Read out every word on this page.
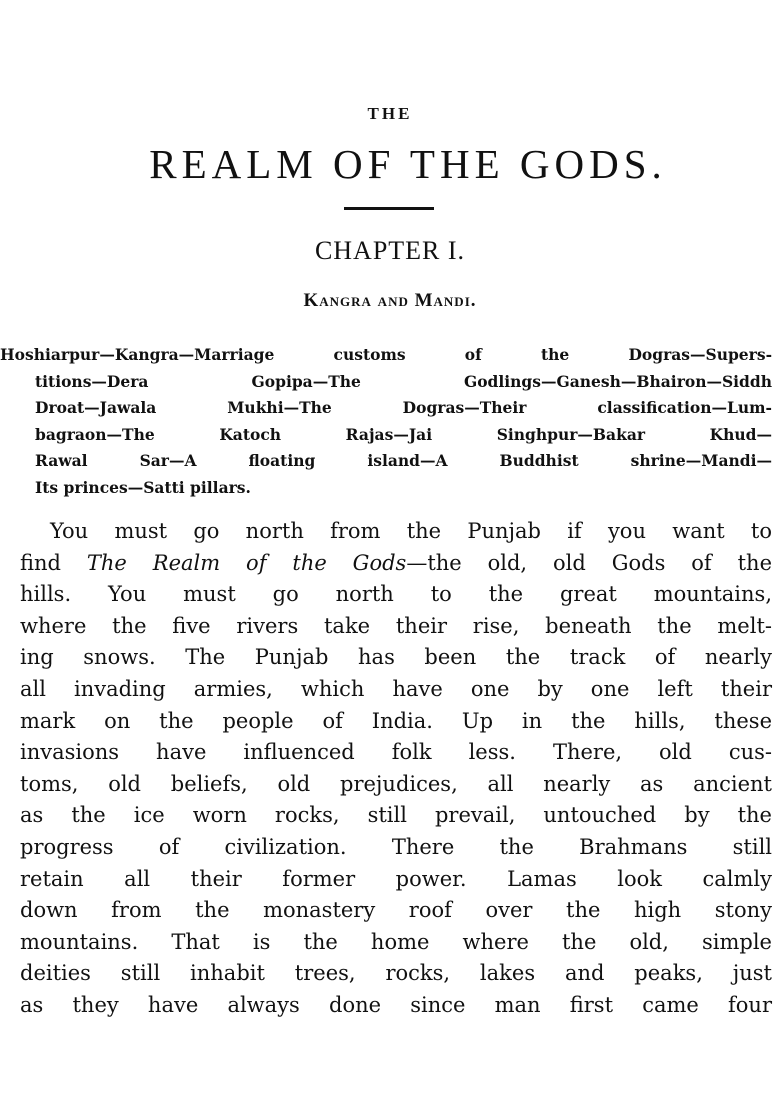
THE
REALM OF THE GODS.
CHAPTER I.
Kangra and Mandi.
Hoshiarpur—Kangra—Marriage customs of the Dogras—Supers-
titions—Dera Gopipa—The Godlings—Ganesh—Bhairon—Siddh
Droat—Jawala Mukhi—The Dogras—Their classification—Lum-
bagraon—The Katoch Rajas—Jai Singhpur—Bakar Khud—
Rawal Sar—A floating island—A Buddhist shrine—Mandi—
Its princes—Satti pillars.
You must go north from the Punjab if you want to
find The Realm of the Gods—the old, old Gods of the
hills. You must go north to the great mountains,
where the five rivers take their rise, beneath the melt-
ing snows. The Punjab has been the track of nearly
all invading armies, which have one by one left their
mark on the people of India. Up in the hills, these
invasions have influenced folk less. There, old cus-
toms, old beliefs, old prejudices, all nearly as ancient
as the ice worn rocks, still prevail, untouched by the
progress of civilization. There the Brahmans still
retain all their former power. Lamas look calmly
down from the monastery roof over the high stony
mountains. That is the home where the old, simple
deities still inhabit trees, rocks, lakes and peaks, just
as they have always done since man first came four
